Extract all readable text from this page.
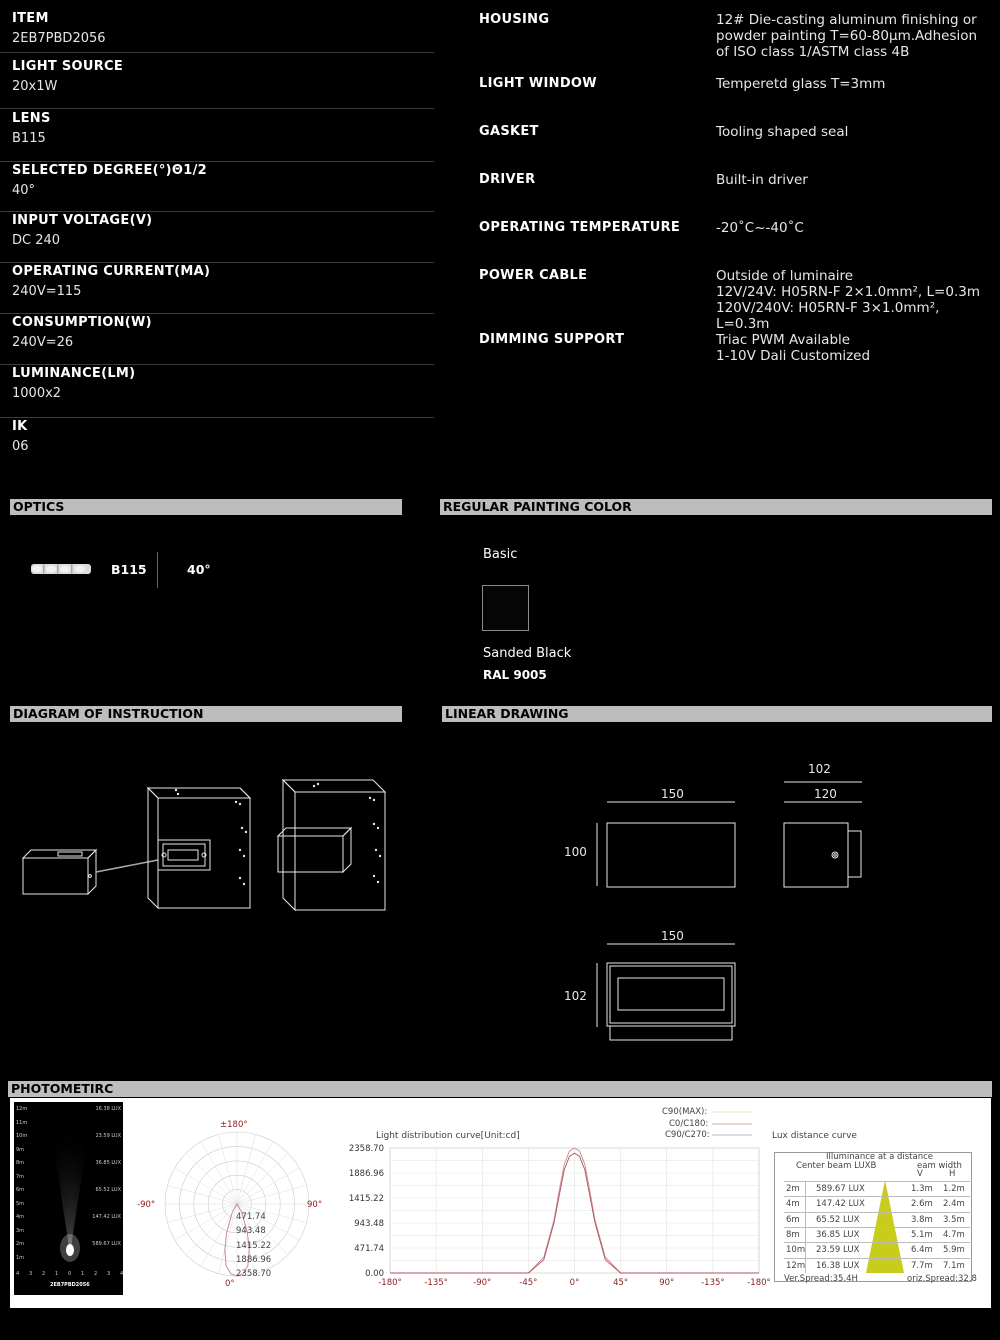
ITEM
2EB7PBD2056
LIGHT SOURCE
20x1W
LENS
B115
SELECTED DEGREE(°)Θ1/2
40°
INPUT VOLTAGE(V)
DC 240
OPERATING CURRENT(MA)
240V=115
CONSUMPTION(W)
240V=26
LUMINANCE(LM)
1000x2
IK
06
HOUSING	12# Die-casting aluminum finishing or
powder painting T=60-80μm.Adhesion
of ISO class 1/ASTM class 4B
LIGHT WINDOW	Temperetd glass T=3mm
GASKET	Tooling shaped seal
DRIVER	Built-in driver
OPERATING TEMPERATURE	-20˚C~-40˚C
POWER CABLE	Outside of luminaire
12V/24V: H05RN-F 2×1.0mm², L=0.3m
120V/240V: H05RN-F 3×1.0mm², L=0.3m
DIMMING SUPPORT	Triac PWM Available
1-10V Dali Customized
OPTICS	REGULAR PAINTING COLOR
DIAGRAM OF INSTRUCTION	LINEAR DRAWING
PHOTOMETIRC
B115	40°
Basic
Sanded Black
RAL 9005
150
100
102
120
150
102
12m
11m
10m
9m
8m
7m
6m
5m
4m
3m
2m
1m
16.38 LUX
23.59 LUX
36.85 LUX
65.52 LUX
147.42 LUX
589.67 LUX
4 3 2 1 0 1 2 3 4
2EB7PBD2056
±180°
-90°	90°
0°
471.74
943.48
1415.22
1886.96
2358.70
C90(MAX):
C0/C180:
C90/C270:
Light distribution curve[Unit:cd]
-180°	-135°	-90°	-45°	0°	45°	90°	-135°	-180°
2358.70
1886.96
1415.22
943.48
471.74
0.00
Lux distance curve
Illuminance at a distance
Center beam LUXB	eam width
V	H
2m 589.67 LUX	1.3m 1.2m
4m 147.42 LUX	2.6m 2.4m
6m 65.52 LUX	3.8m 3.5m
8m 36.85 LUX	5.1m 4.7m
10m 23.59 LUX	6.4m 5.9m
12m 16.38 LUX	7.7m 7.1m
Ver.Spread:35.4H	oriz.Spread:32.8
